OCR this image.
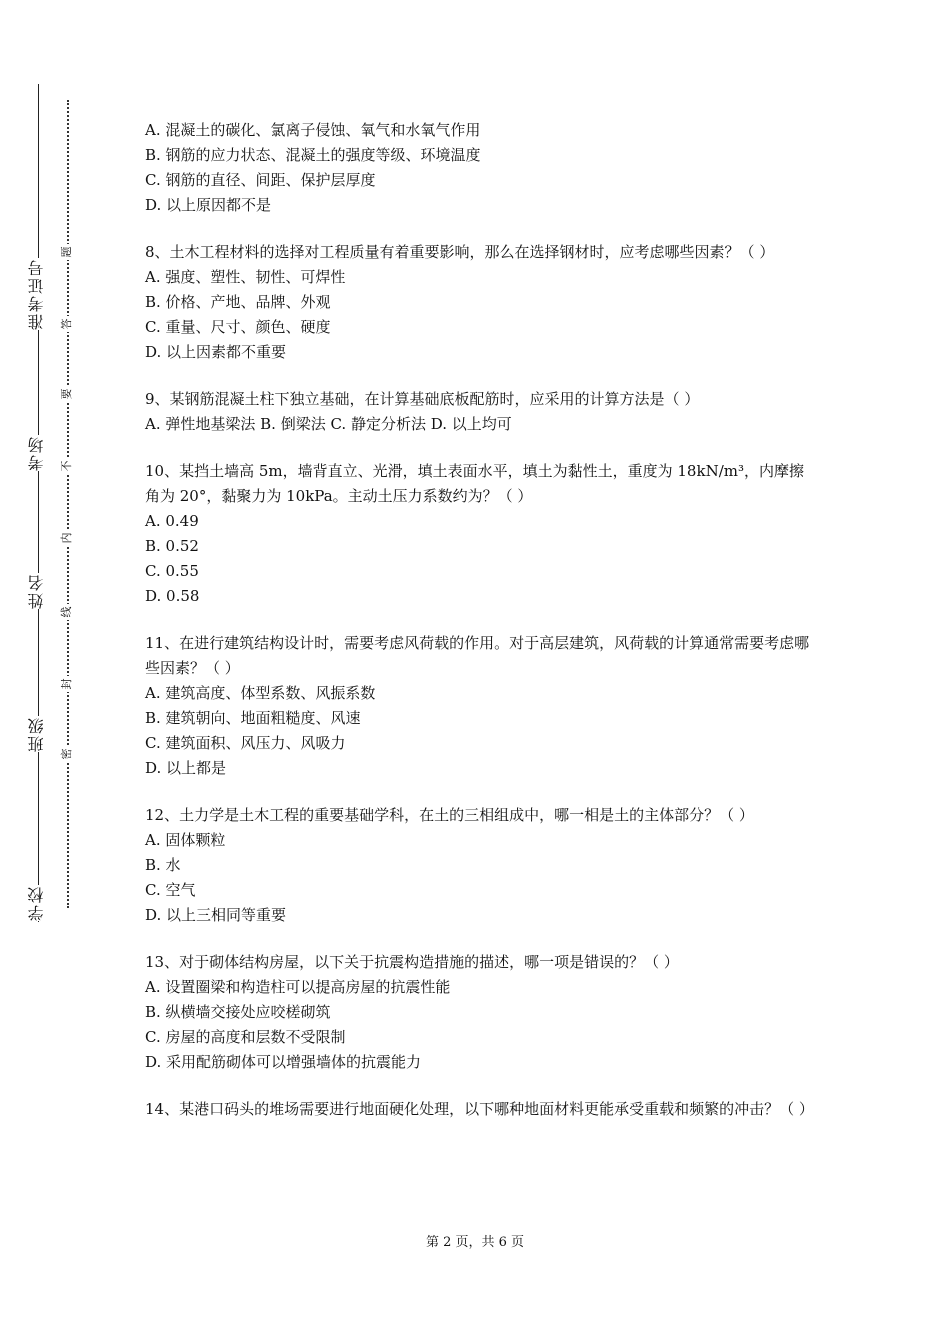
准考证号
考场
姓名
班级
学校
题
答
要
不
内
线
封
密
A. 混凝土的碳化、氯离子侵蚀、氧气和水氧气作用
B. 钢筋的应力状态、混凝土的强度等级、环境温度
C. 钢筋的直径、间距、保护层厚度
D. 以上原因都不是
8、土木工程材料的选择对工程质量有着重要影响，那么在选择钢材时，应考虑哪些因素？（ ）
A. 强度、塑性、韧性、可焊性
B. 价格、产地、品牌、外观
C. 重量、尺寸、颜色、硬度
D. 以上因素都不重要
9、某钢筋混凝土柱下独立基础，在计算基础底板配筋时，应采用的计算方法是（ ）
A. 弹性地基梁法 B. 倒梁法 C. 静定分析法 D. 以上均可
10、某挡土墙高 5m，墙背直立、光滑，填土表面水平，填土为黏性土，重度为 18kN/m³，内摩擦角为 20°，黏聚力为 10kPa。主动土压力系数约为？（ ）
A. 0.49
B. 0.52
C. 0.55
D. 0.58
11、在进行建筑结构设计时，需要考虑风荷载的作用。对于高层建筑，风荷载的计算通常需要考虑哪些因素？（ ）
A. 建筑高度、体型系数、风振系数
B. 建筑朝向、地面粗糙度、风速
C. 建筑面积、风压力、风吸力
D. 以上都是
12、土力学是土木工程的重要基础学科，在土的三相组成中，哪一相是土的主体部分？（ ）
A. 固体颗粒
B. 水
C. 空气
D. 以上三相同等重要
13、对于砌体结构房屋，以下关于抗震构造措施的描述，哪一项是错误的？（ ）
A. 设置圈梁和构造柱可以提高房屋的抗震性能
B. 纵横墙交接处应咬槎砌筑
C. 房屋的高度和层数不受限制
D. 采用配筋砌体可以增强墙体的抗震能力
14、某港口码头的堆场需要进行地面硬化处理，以下哪种地面材料更能承受重载和频繁的冲击？（ ）
第 2 页，共 6 页
